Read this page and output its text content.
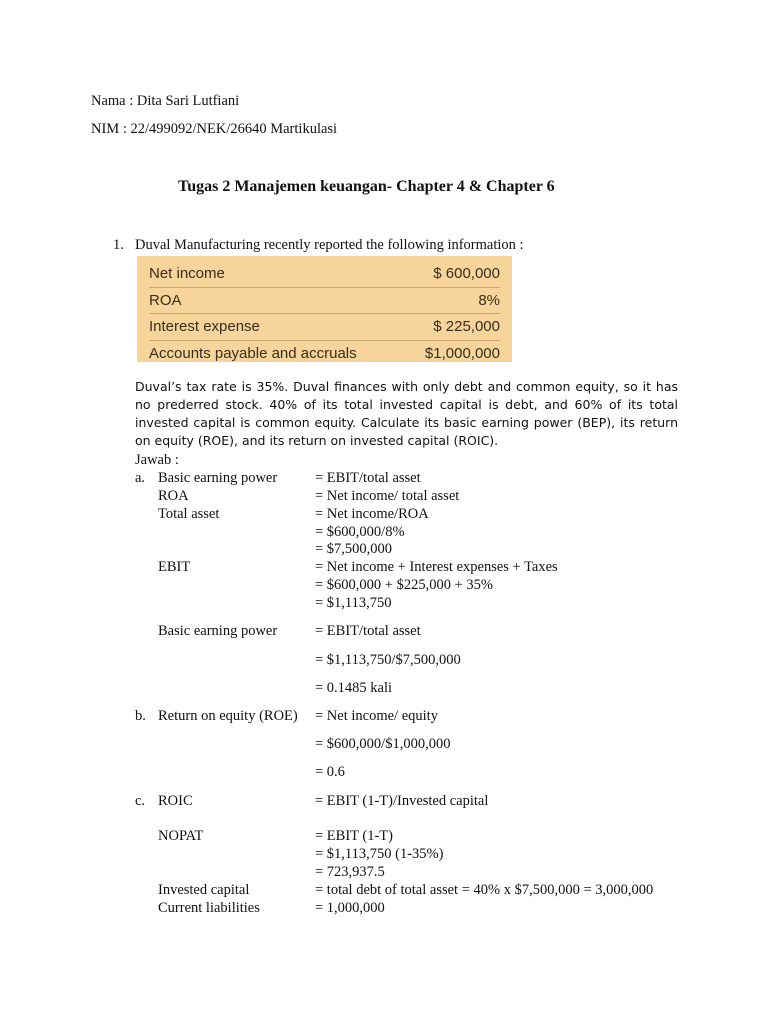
Nama : Dita Sari Lutfiani
NIM : 22/499092/NEK/26640 Martikulasi
Tugas 2 Manajemen keuangan- Chapter 4 & Chapter 6
1. Duval Manufacturing recently reported the following information :
Net income	$ 600,000
ROA	8%
Interest expense	$ 225,000
Accounts payable and accruals	$1,000,000
Duval’s tax rate is 35%. Duval finances with only debt and common equity, so it has no prederred stock. 40% of its total invested capital is debt, and 60% of its total invested capital is common equity. Calculate its basic earning power (BEP), its return on equity (ROE), and its return on invested capital (ROIC).
Jawab :
a. Basic earning power	= EBIT/total asset
ROA	= Net income/ total asset
Total asset	= Net income/ROA
= $600,000/8%
= $7,500,000
EBIT	= Net income + Interest expenses + Taxes
= $600,000 + $225,000 + 35%
= $1,113,750
Basic earning power	= EBIT/total asset
= $1,113,750/$7,500,000
= 0.1485 kali
b. Return on equity (ROE) = Net income/ equity
= $600,000/$1,000,000
= 0.6
c. ROIC	= EBIT (1-T)/Invested capital
NOPAT	= EBIT (1-T)
= $1,113,750 (1-35%)
= 723,937.5
Invested capital	= total debt of total asset = 40% x $7,500,000 = 3,000,000
Current liabilities	= 1,000,000
